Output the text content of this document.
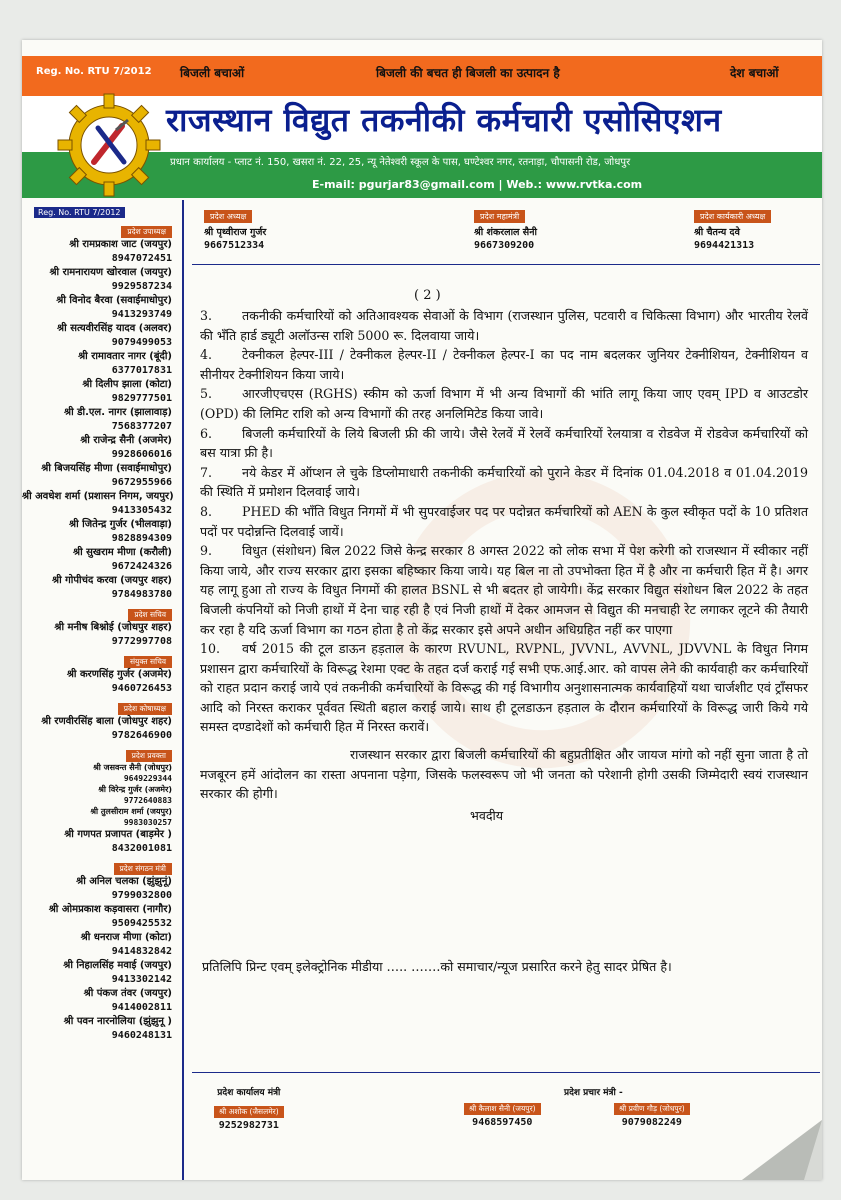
Reg. No. RTU 7/2012 बिजली बचाओं	बिजली की बचत ही बिजली का उत्पादन है	देश बचाओं
राजस्थान विद्युत तकनीकी कर्मचारी एसोसिएशन
प्रधान कार्यालय - प्लाट नं. 150, खसरा नं. 22, 25, न्यू नेतेश्वरी स्कूल के पास, घण्टेश्वर नगर, रतनाड़ा, चौपासनी रोड, जोधपुर
E-mail: pgurjar83@gmail.com | Web.: www.rvtka.com
Reg. No. RTU 7/2012
प्रदेश उपाध्यक्ष
श्री रामप्रकाश जाट (जयपुर)
8947072451
श्री रामनारायण खोरवाल (जयपुर)
9929587234
श्री विनोद बैरवा (सवाईमाधोपुर)
9413293749
श्री सत्यवीरसिंह यादव (अलवर)
9079499053
श्री रामावतार नागर (बूंदी)
6377017831
श्री दिलीप झाला (कोटा)
9829777501
श्री डी.एल. नागर (झालावाड़)
7568377207
श्री राजेन्द्र सैनी (अजमेर)
9928606016
श्री बिजयसिंह मीणा (सवाईमाधोपुर)
9672955966
श्री अवधेश शर्मा (प्रशासन निगम, जयपुर)
9413305432
श्री जितेन्द्र गुर्जर (भीलवाड़ा)
9828894309
श्री सुखराम मीणा (करौली)
9672424326
श्री गोपीचंद करवा (जयपुर शहर)
9784983780
प्रदेश सचिव
श्री मनीष बिश्नोई (जोधपुर शहर)
9772997708
संयुक्त सचिव
श्री करणसिंह गुर्जर (अजमेर)
9460726453
प्रदेश कोषाध्यक्ष
श्री रणवीरसिंह बाला (जोधपुर शहर)
9782646900
प्रदेश प्रवक्ता
श्री जसवन्त सैनी (जोधपुर)
9649229344
श्री विरेन्द्र गुर्जर (अजमेर)
9772640883
श्री तुलसीराम शर्मा (जयपुर)
9983030257
श्री गणपत प्रजापत (बाड़मेर )
8432001081
प्रदेश संगठन मंत्री
श्री अनिल चलका (झुंझुनूं)
9799032800
श्री ओमप्रकाश कड़वासरा (नागौर)
9509425532
श्री धनराज मीणा (कोटा)
9414832842
श्री निहालसिंह मवाई (जयपुर)
9413302142
श्री पंकज तंवर (जयपुर)
9414002811
श्री पवन नारनोलिया (झुंझुनू )
9460248131
प्रदेश अध्यक्ष
श्री पृथ्वीराज गुर्जर
9667512334
प्रदेश महामंत्री
श्री शंकरलाल सैनी
9667309200
प्रदेश कार्यकारी अध्यक्ष
श्री चैतन्य दवे
9694421313
( 2 )

3. तकनीकी कर्मचारियों को अतिआवश्यक सेवाओं के विभाग (राजस्थान पुलिस, पटवारी व चिकित्सा विभाग) और भारतीय रेलवें की भँति हार्ड ड्यूटी अलॉउन्स राशि 5000 रू. दिलवाया जाये।

4. टेक्नीकल हेल्पर-III / टेक्नीकल हेल्पर-II / टेक्नीकल हेल्पर-I का पद नाम बदलकर जुनियर टेक्नीशियन, टेक्नीशियन व सीनीयर टेक्नीशियन किया जाये।

5. आरजीएचएस (RGHS) स्कीम को ऊर्जा विभाग में भी अन्य विभागों की भांति लागू किया जाए एवम् IPD व आउटडोर (OPD) की लिमिट राशि को अन्य विभागों की तरह अनलिमिटेड किया जावे।

6. बिजली कर्मचारियों के लिये बिजली फ्री की जाये। जैसे रेलवें में रेलवें कर्मचारियों रेलयात्रा व रोडवेज में रोडवेज कर्मचारियों को बस यात्रा फ्री है।

7. नये केडर में ऑप्शन ले चुके डिप्लोमाधारी तकनीकी कर्मचारियों को पुराने केडर में दिनांक 01.04.2018 व 01.04.2019 की स्थिति में प्रमोशन दिलवाई जाये।

8. PHED की भाँति विधुत निगमों में भी सुपरवाईजर पद पर पदोन्नत कर्मचारियों को AEN के कुल स्वीकृत पदों के 10 प्रतिशत पदों पर पदोन्नन्ति दिलवाई जायें।

9. विधुत (संशोधन) बिल 2022 जिसे केन्द्र सरकार 8 अगस्त 2022 को लोक सभा में पेश करेगी को राजस्थान में स्वीकार नहीं किया जाये, और राज्य सरकार द्वारा इसका बहिष्कार किया जाये। यह बिल ना तो उपभोक्ता हित में है और ना कर्मचारी हित में है। अगर यह लागू हुआ तो राज्य के विधुत निगमों की हालत BSNL से भी बदतर हो जायेगी। केंद्र सरकार विद्युत संशोधन बिल 2022 के तहत बिजली कंपनियों को निजी हाथों में देना चाह रही है एवं निजी हाथों में देकर आमजन से विद्युत की मनचाही रेट लगाकर लूटने की तैयारी कर रहा है यदि ऊर्जा विभाग का गठन होता है तो केंद्र सरकार इसे अपने अधीन अधिग्रहित नहीं कर पाएगा

10. वर्ष 2015 की टूल डाऊन हड़ताल के कारण RVUNL, RVPNL, JVVNL, AVVNL, JDVVNL के विधुत निगम प्रशासन द्वारा कर्मचारियों के विरूद्ध रेशमा एक्ट के तहत दर्ज कराई गई सभी एफ.आई.आर. को वापस लेने की कार्यवाही कर कर्मचारियों को राहत प्रदान कराई जाये एवं तकनीकी कर्मचारियों के विरूद्ध की गई विभागीय अनुशासनात्मक कार्यवाहियों यथा चार्जशीट एवं ट्राँसफर आदि को निरस्त कराकर पूर्ववत स्थिती बहाल कराई जाये। साथ ही टूलडाऊन हड़ताल के दौरान कर्मचारियों के विरूद्ध जारी किये गये समस्त दण्डादेशों को कर्मचारी हित में निरस्त करावें।

राजस्थान सरकार द्वारा बिजली कर्मचारियों की बहुप्रतीक्षित और जायज मांगो को नहीं सुना जाता है तो मजबूरन हमें आंदोलन का रास्ता अपनाना पड़ेगा, जिसके फलस्वरूप जो भी जनता को परेशानी होगी उसकी जिम्मेदारी स्वयं राजस्थान सरकार की होगी।

भवदीय

प्रतिलिपि प्रिन्ट एवम् इलेक्ट्रोनिक मीडीया ….. …….को समाचार/न्यूज प्रसारित करने हेतु सादर प्रेषित है।
प्रदेश कार्यालय मंत्री
श्री अशोक (जैसलमेर)
9252982731
प्रदेश प्रचार मंत्री -
श्री कैलाश सैनी (जयपुर)
9468597450
श्री प्रवीण गौड़ (जोधपुर)
9079082249
